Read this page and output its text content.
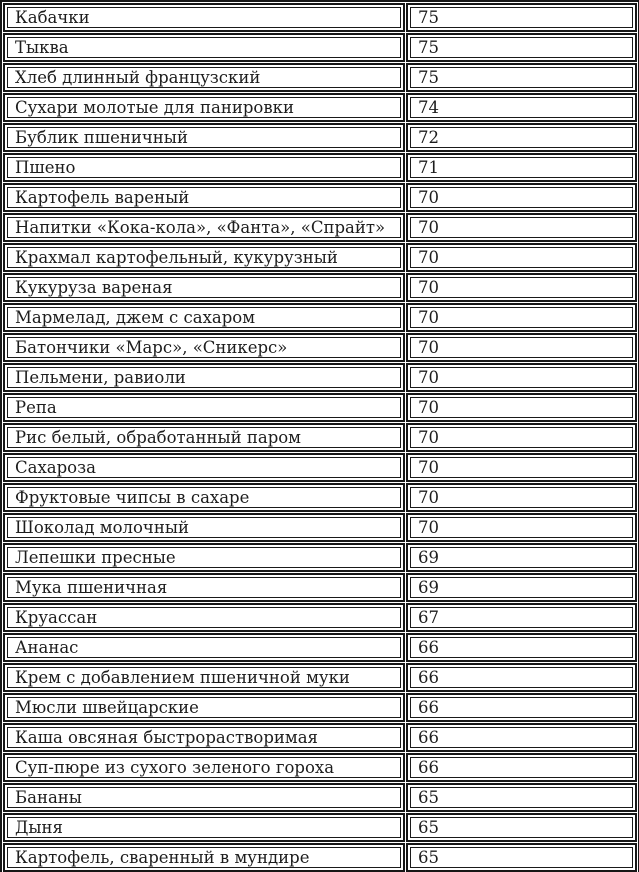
Кабачки	75
Тыква	75
Хлеб длинный французский	75
Сухари молотые для панировки	74
Бублик пшеничный	72
Пшено	71
Картофель вареный	70
Напитки «Кока-кола», «Фанта», «Спрайт»	70
Крахмал картофельный, кукурузный	70
Кукуруза вареная	70
Мармелад, джем с сахаром	70
Батончики «Марс», «Сникерс»	70
Пельмени, равиоли	70
Репа	70
Рис белый, обработанный паром	70
Сахароза	70
Фруктовые чипсы в сахаре	70
Шоколад молочный	70
Лепешки пресные	69
Мука пшеничная	69
Круассан	67
Ананас	66
Крем с добавлением пшеничной муки	66
Мюсли швейцарские	66
Каша овсяная быстрорастворимая	66
Суп-пюре из сухого зеленого гороха	66
Бананы	65
Дыня	65
Картофель, сваренный в мундире	65
